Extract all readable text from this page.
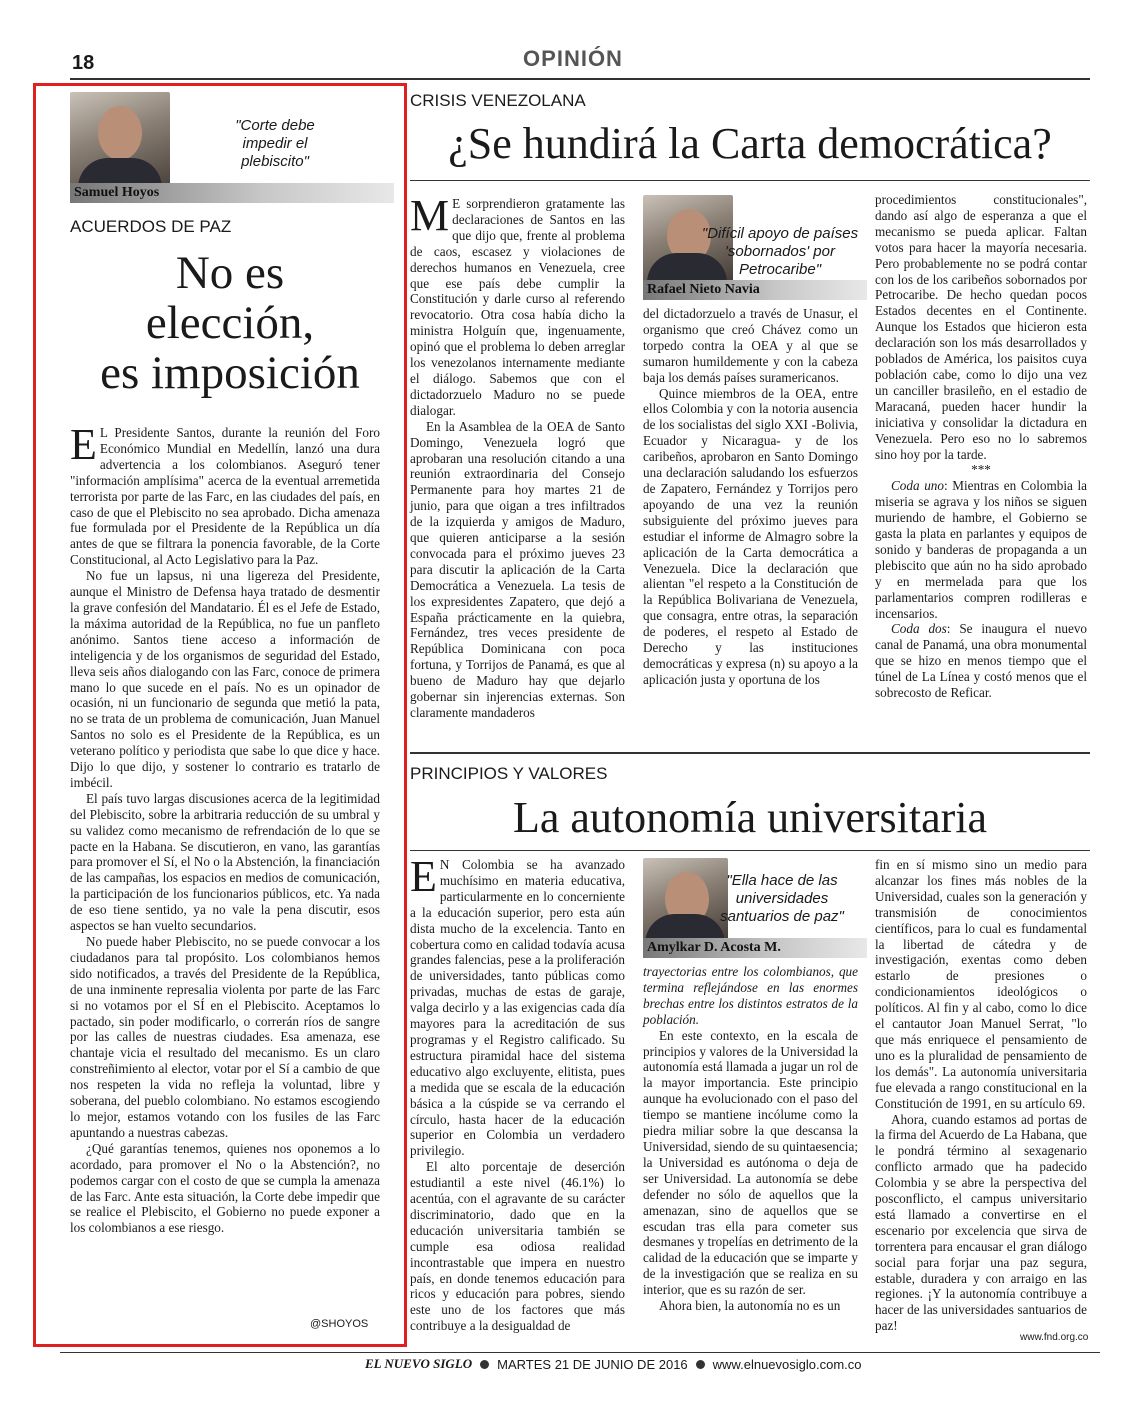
18	OPINIÓN
Samuel Hoyos
"Corte debe impedir el plebiscito"
ACUERDOS DE PAZ
No es
elección,
es imposición

E L Presidente Santos, durante la reunión del Foro Económico Mundial en Medellín, lanzó una dura advertencia a los colombianos. Aseguró tener "información amplísima" acerca de la eventual arremetida terrorista por parte de las Farc, en las ciudades del país, en caso de que el Plebiscito no sea aprobado. Dicha amenaza fue formulada por el Presidente de la República un día antes de que se filtrara la ponencia favorable, de la Corte Constitucional, al Acto Legislativo para la Paz.

No fue un lapsus, ni una ligereza del Presidente, aunque el Ministro de Defensa haya tratado de desmentir la grave confesión del Mandatario. Él es el Jefe de Estado, la máxima autoridad de la República, no fue un panfleto anónimo. Santos tiene acceso a información de inteligencia y de los organismos de seguridad del Estado, lleva seis años dialogando con las Farc, conoce de primera mano lo que sucede en el país. No es un opinador de ocasión, ni un funcionario de segunda que metió la pata, no se trata de un problema de comunicación, Juan Manuel Santos no solo es el Presidente de la República, es un veterano político y periodista que sabe lo que dice y hace. Dijo lo que dijo, y sostener lo contrario es tratarlo de imbécil.

El país tuvo largas discusiones acerca de la legitimidad del Plebiscito, sobre la arbitraria reducción de su umbral y su validez como mecanismo de refrendación de lo que se pacte en la Habana. Se discutieron, en vano, las garantías para promover el Sí, el No o la Abstención, la financiación de las campañas, los espacios en medios de comunicación, la participación de los funcionarios públicos, etc. Ya nada de eso tiene sentido, ya no vale la pena discutir, esos aspectos se han vuelto secundarios.

No puede haber Plebiscito, no se puede convocar a los ciudadanos para tal propósito. Los colombianos hemos sido notificados, a través del Presidente de la República, de una inminente represalia violenta por parte de las Farc si no votamos por el SÍ en el Plebiscito. Aceptamos lo pactado, sin poder modificarlo, o correrán ríos de sangre por las calles de nuestras ciudades. Esa amenaza, ese chantaje vicia el resultado del mecanismo. Es un claro constreñimiento al elector, votar por el Sí a cambio de que nos respeten la vida no refleja la voluntad, libre y soberana, del pueblo colombiano. No estamos escogiendo lo mejor, estamos votando con los fusiles de las Farc apuntando a nuestras cabezas.

¿Qué garantías tenemos, quienes nos oponemos a lo acordado, para promover el No o la Abstención?, no podemos cargar con el costo de que se cumpla la amenaza de las Farc. Ante esta situación, la Corte debe impedir que se realice el Plebiscito, el Gobierno no puede exponer a los colombianos a ese riesgo.

@SHOYOS
CRISIS VENEZOLANA
¿Se hundirá la Carta democrática?

M E sorprendieron gratamente las declaraciones de Santos en las que dijo que, frente al problema de caos, escasez y violaciones de derechos humanos en Venezuela, cree que ese país debe cumplir la Constitución y darle curso al referendo revocatorio. Otra cosa había dicho la ministra Holguín que, ingenuamente, opinó que el problema lo deben arreglar los venezolanos internamente mediante el diálogo. Sabemos que con el dictadorzuelo Maduro no se puede dialogar.

En la Asamblea de la OEA de Santo Domingo, Venezuela logró que aprobaran una resolución citando a una reunión extraordinaria del Consejo Permanente para hoy martes 21 de junio, para que oigan a tres infiltrados de la izquierda y amigos de Maduro, que quieren anticiparse a la sesión convocada para el próximo jueves 23 para discutir la aplicación de la Carta Democrática a Venezuela. La tesis de los expresidentes Zapatero, que dejó a España prácticamente en la quiebra, Fernández, tres veces presidente de República Dominicana con poca fortuna, y Torrijos de Panamá, es que al bueno de Maduro hay que dejarlo gobernar sin injerencias externas. Son claramente mandaderos

"Difícil apoyo de países 'sobornados' por Petrocaribe"
Rafael Nieto Navia

del dictadorzuelo a través de Unasur, el organismo que creó Chávez como un torpedo contra la OEA y al que se sumaron humildemente y con la cabeza baja los demás países suramericanos.

Quince miembros de la OEA, entre ellos Colombia y con la notoria ausencia de los socialistas del siglo XXI -Bolivia, Ecuador y Nicaragua- y de los caribeños, aprobaron en Santo Domingo una declaración saludando los esfuerzos de Zapatero, Fernández y Torrijos pero apoyando de una vez la reunión subsiguiente del próximo jueves para estudiar el informe de Almagro sobre la aplicación de la Carta democrática a Venezuela. Dice la declaración que alientan "el respeto a la Constitución de la República Bolivariana de Venezuela, que consagra, entre otras, la separación de poderes, el respeto al Estado de Derecho y las instituciones democráticas y expresa (n) su apoyo a la aplicación justa y oportuna de los

procedimientos constitucionales", dando así algo de esperanza a que el mecanismo se pueda aplicar. Faltan votos para hacer la mayoría necesaria. Pero probablemente no se podrá contar con los de los caribeños sobornados por Petrocaribe. De hecho quedan pocos Estados decentes en el Continente. Aunque los Estados que hicieron esta declaración son los más desarrollados y poblados de América, los paisitos cuya población cabe, como lo dijo una vez un canciller brasileño, en el estadio de Maracaná, pueden hacer hundir la iniciativa y consolidar la dictadura en Venezuela. Pero eso no lo sabremos sino hoy por la tarde.

***

Coda uno: Mientras en Colombia la miseria se agrava y los niños se siguen muriendo de hambre, el Gobierno se gasta la plata en parlantes y equipos de sonido y banderas de propaganda a un plebiscito que aún no ha sido aprobado y en mermelada para que los parlamentarios compren rodilleras e incensarios.

Coda dos: Se inaugura el nuevo canal de Panamá, una obra monumental que se hizo en menos tiempo que el túnel de La Línea y costó menos que el sobrecosto de Reficar.

PRINCIPIOS Y VALORES
La autonomía universitaria

E N Colombia se ha avanzado muchísimo en materia educativa, particularmente en lo concerniente a la educación superior, pero esta aún dista mucho de la excelencia. Tanto en cobertura como en calidad todavía acusa grandes falencias, pese a la proliferación de universidades, tanto públicas como privadas, muchas de estas de garaje, valga decirlo y a las exigencias cada día mayores para la acreditación de sus programas y el Registro calificado. Su estructura piramidal hace del sistema educativo algo excluyente, elitista, pues a medida que se escala de la educación básica a la cúspide se va cerrando el círculo, hasta hacer de la educación superior en Colombia un verdadero privilegio.

El alto porcentaje de deserción estudiantil a este nivel (46.1%) lo acentúa, con el agravante de su carácter discriminatorio, dado que en la educación universitaria también se cumple esa odiosa realidad incontrastable que impera en nuestro país, en donde tenemos educación para ricos y educación para pobres, siendo este uno de los factores que más contribuye a la desigualdad de

"Ella hace de las universidades santuarios de paz"
Amylkar D. Acosta M.

trayectorias entre los colombianos, que termina reflejándose en las enormes brechas entre los distintos estratos de la población.

En este contexto, en la escala de principios y valores de la Universidad la autonomía está llamada a jugar un rol de la mayor importancia. Este principio aunque ha evolucionado con el paso del tiempo se mantiene incólume como la piedra miliar sobre la que descansa la Universidad, siendo de su quintaesencia; la Universidad es autónoma o deja de ser Universidad. La autonomía se debe defender no sólo de aquellos que la amenazan, sino de aquellos que se escudan tras ella para cometer sus desmanes y tropelías en detrimento de la calidad de la educación que se imparte y de la investigación que se realiza en su interior, que es su razón de ser.

Ahora bien, la autonomía no es un

fin en sí mismo sino un medio para alcanzar los fines más nobles de la Universidad, cuales son la generación y transmisión de conocimientos científicos, para lo cual es fundamental la libertad de cátedra y de investigación, exentas como deben estarlo de presiones o condicionamientos ideológicos o políticos. Al fin y al cabo, como lo dice el cantautor Joan Manuel Serrat, "lo que más enriquece el pensamiento de uno es la pluralidad de pensamiento de los demás". La autonomía universitaria fue elevada a rango constitucional en la Constitución de 1991, en su artículo 69.

Ahora, cuando estamos ad portas de la firma del Acuerdo de La Habana, que le pondrá término al sexagenario conflicto armado que ha padecido Colombia y se abre la perspectiva del posconflicto, el campus universitario está llamado a convertirse en el escenario por excelencia que sirva de torrentera para encausar el gran diálogo social para forjar una paz segura, estable, duradera y con arraigo en las regiones. ¡Y la autonomía contribuye a hacer de las universidades santuarios de paz!

www.fnd.org.co
EL NUEVO SIGLO MARTES 21 DE JUNIO DE 2016 www.elnuevosiglo.com.co
